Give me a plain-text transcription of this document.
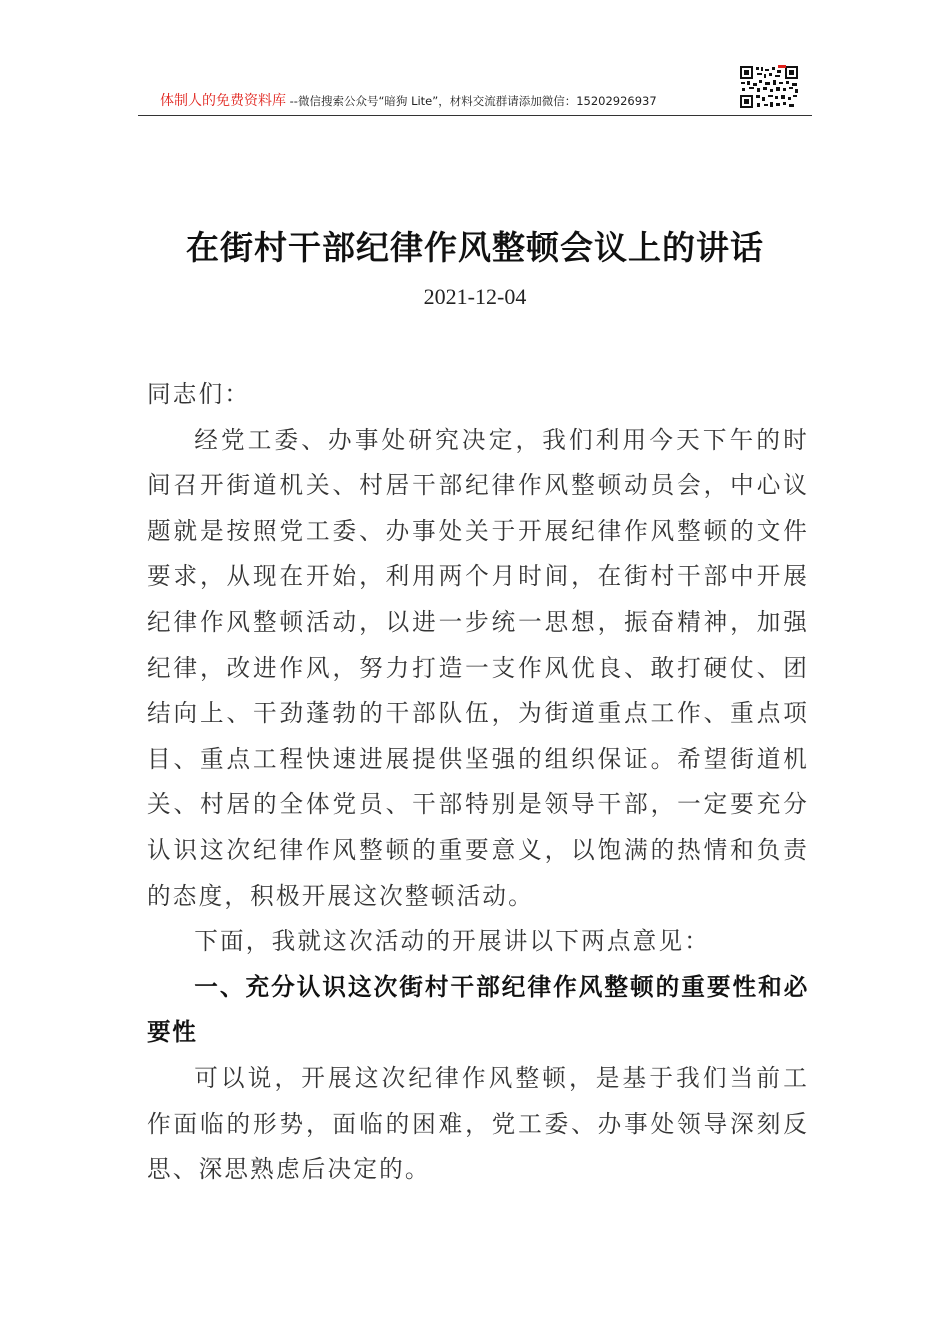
体制人的免费资料库 --微信搜索公众号“暗狗 Lite”，材料交流群请添加微信：15202926937
在街村干部纪律作风整顿会议上的讲话
2021-12-04

同志们：

经党工委、办事处研究决定，我们利用今天下午的时间召开街道机关、村居干部纪律作风整顿动员会，中心议题就是按照党工委、办事处关于开展纪律作风整顿的文件要求，从现在开始，利用两个月时间，在街村干部中开展纪律作风整顿活动，以进一步统一思想，振奋精神，加强纪律，改进作风，努力打造一支作风优良、敢打硬仗、团结向上、干劲蓬勃的干部队伍，为街道重点工作、重点项目、重点工程快速进展提供坚强的组织保证。希望街道机关、村居的全体党员、干部特别是领导干部，一定要充分认识这次纪律作风整顿的重要意义，以饱满的热情和负责的态度，积极开展这次整顿活动。

下面，我就这次活动的开展讲以下两点意见：

一、充分认识这次街村干部纪律作风整顿的重要性和必要性

可以说，开展这次纪律作风整顿，是基于我们当前工作面临的形势，面临的困难，党工委、办事处领导深刻反思、深思熟虑后决定的。
